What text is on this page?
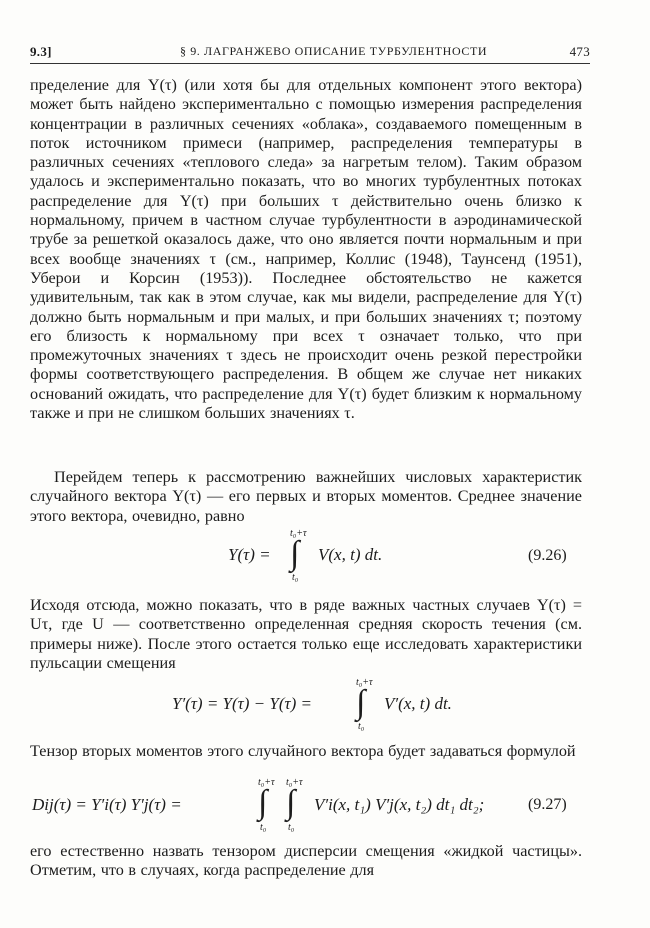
9.3]	§ 9. ЛАГРАНЖЕВО ОПИСАНИЕ ТУРБУЛЕНТНОСТИ	473

пределение для Y(τ) (или хотя бы для отдельных компонент этого вектора) может быть найдено экспериментально с помощью измерения распределения концентрации в различных сечениях «облака», создаваемого помещенным в поток источником примеси (например, распределения температуры в различных сечениях «теплового следа» за нагретым телом). Таким образом удалось и экспериментально показать, что во многих турбулентных потоках распределение для Y(τ) при больших τ действительно очень близко к нормальному, причем в частном случае турбулентности в аэродинамической трубе за решеткой оказалось даже, что оно является почти нормальным и при всех вообще значениях τ (см., например, Коллис (1948), Таунсенд (1951), Уберои и Корсин (1953)). Последнее обстоятельство не кажется удивительным, так как в этом случае, как мы видели, распределение для Y(τ) должно быть нормальным и при малых, и при больших значениях τ; поэтому его близость к нормальному при всех τ означает только, что при промежуточных значениях τ здесь не происходит очень резкой перестройки формы соответствующего распределения. В общем же случае нет никаких оснований ожидать, что распределение для Y(τ) будет близким к нормальному также и при не слишком больших значениях τ.

Перейдем теперь к рассмотрению важнейших числовых характеристик случайного вектора Y(τ) — его первых и вторых моментов. Среднее значение этого вектора, очевидно, равно

Y(τ) =
t₀+τ
∫
t₀
V(x, t) dt.	(9.26)

Исходя отсюда, можно показать, что в ряде важных частных случаев Y(τ) = Uτ, где U — соответственно определенная средняя скорость течения (см. примеры ниже). После этого остается только еще исследовать характеристики пульсации смещения

Y′(τ) = Y(τ) − Y(τ) =
t₀+τ
∫
t₀
V′(x, t) dt.

Тензор вторых моментов этого случайного вектора будет задаваться формулой

Dij(τ) = Y′i(τ) Y′j(τ) =
t₀+τ
∫
t₀
t₀+τ
∫
t₀
V′i(x, t₁) V′j(x, t₂) dt₁ dt₂;	(9.27)

его естественно назвать тензором дисперсии смещения «жидкой частицы». Отметим, что в случаях, когда распределение для
